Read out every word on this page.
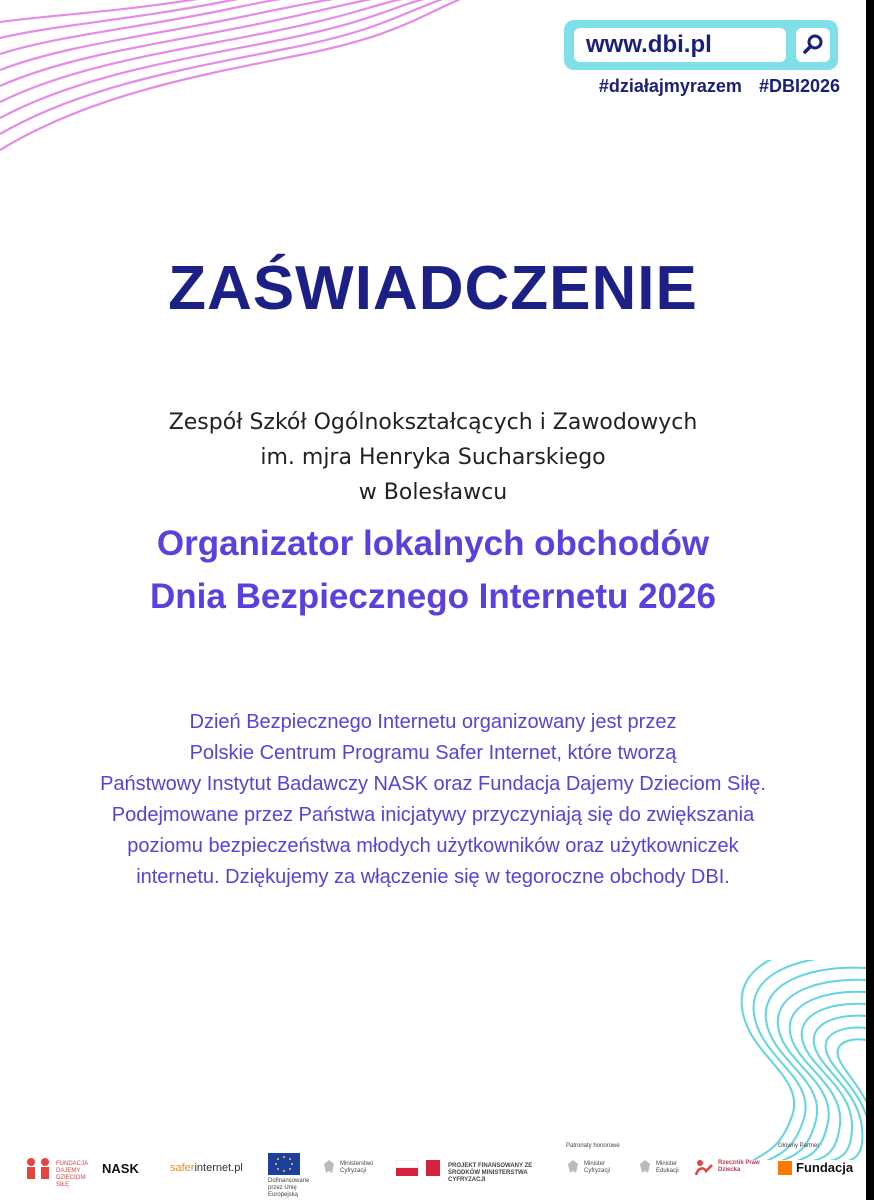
www.dbi.pl
#działajmyrazem #DBI2026
ZAŚWIADCZENIE
Zespół Szkół Ogólnokształcących i Zawodowych
im. mjra Henryka Sucharskiego
w Bolesławcu
Organizator lokalnych obchodów
Dnia Bezpiecznego Internetu 2026
Dzień Bezpiecznego Internetu organizowany jest przez
Polskie Centrum Programu Safer Internet, które tworzą
Państwowy Instytut Badawczy NASK oraz Fundacja Dajemy Dzieciom Siłę.
Podejmowane przez Państwa inicjatywy przyczyniają się do zwiększania
poziomu bezpieczeństwa młodych użytkowników oraz użytkowniczek
internetu. Dziękujemy za włączenie się w tegoroczne obchody DBI.
FUNDACJA DAJEMY DZIECIOM SIŁĘ
NASK	saferinternet.pl
Dofinansowane przez Unię Europejską
Ministerstwo Cyfryzacji
PROJEKT FINANSOWANY ZE ŚRODKÓW MINISTERSTWA CYFRYZACJI
Patronaty honorowe
Minister Cyfryzacji
Minister Edukacji
Rzecznik Praw Dziecka
Główny Partner
Fundacja
